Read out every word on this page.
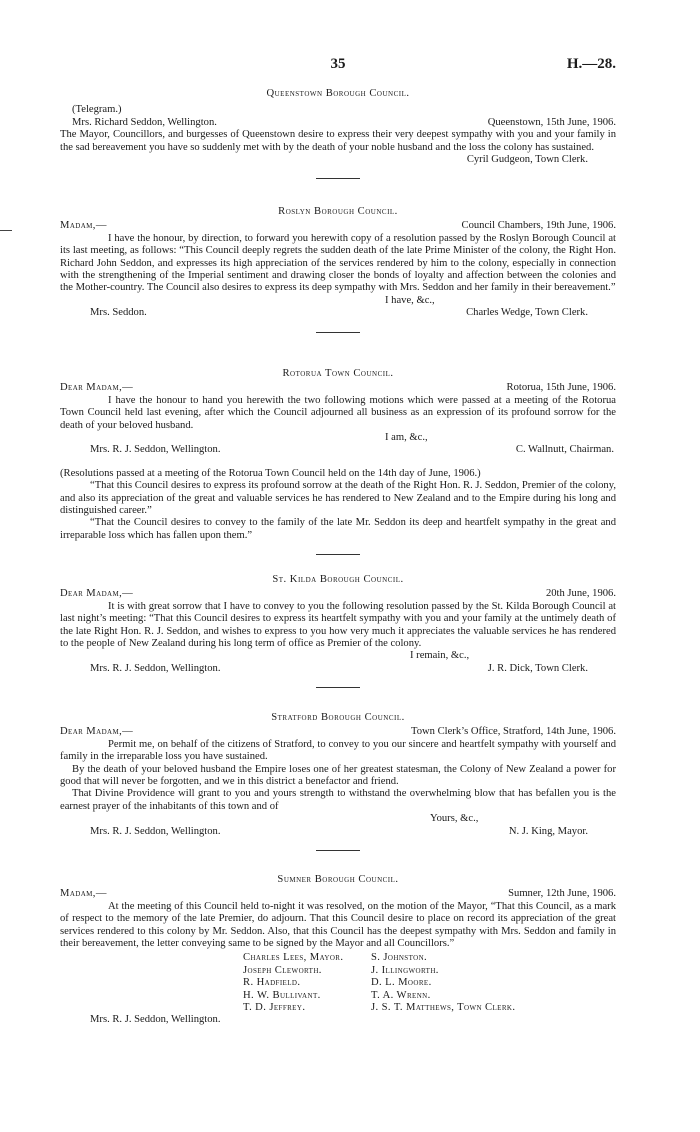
35	H.—28.
Queenstown Borough Council.
(Telegram.)
Mrs. Richard Seddon, Wellington.	Queenstown, 15th June, 1906.

The Mayor, Councillors, and burgesses of Queenstown desire to express their very deepest sympathy with you and your family in the sad bereavement you have so suddenly met with by the death of your noble husband and the loss the colony has sustained.

Cyril Gudgeon, Town Clerk.
Roslyn Borough Council.
Madam,—	Council Chambers, 19th June, 1906.

I have the honour, by direction, to forward you herewith copy of a resolution passed by the Roslyn Borough Council at its last meeting, as follows: “This Council deeply regrets the sudden death of the late Prime Minister of the colony, the Right Hon. Richard John Seddon, and expresses its high appreciation of the services rendered by him to the colony, especially in connection with the strengthening of the Imperial sentiment and drawing closer the bonds of loyalty and affection between the colonies and the Mother-country. The Council also desires to express its deep sympathy with Mrs. Seddon and her family in their bereavement.”

I have, &c.,
Mrs. Seddon.	Charles Wedge, Town Clerk.
Rotorua Town Council.
Dear Madam,—	Rotorua, 15th June, 1906.

I have the honour to hand you herewith the two following motions which were passed at a meeting of the Rotorua Town Council held last evening, after which the Council adjourned all business as an expression of its profound sorrow for the death of your beloved husband.

I am, &c.,
Mrs. R. J. Seddon, Wellington.	C. Wallnutt, Chairman.

(Resolutions passed at a meeting of the Rotorua Town Council held on the 14th day of June, 1906.)

“That this Council desires to express its profound sorrow at the death of the Right Hon. R. J. Seddon, Premier of the colony, and also its appreciation of the great and valuable services he has rendered to New Zealand and to the Empire during his long and distinguished career.”

“That the Council desires to convey to the family of the late Mr. Seddon its deep and heartfelt sympathy in the great and irreparable loss which has fallen upon them.”

St. Kilda Borough Council.
Dear Madam,—	20th June, 1906.

It is with great sorrow that I have to convey to you the following resolution passed by the St. Kilda Borough Council at last night’s meeting: “That this Council desires to express its heartfelt sympathy with you and your family at the untimely death of the late Right Hon. R. J. Seddon, and wishes to express to you how very much it appreciates the valuable services he has rendered to the people of New Zealand during his long term of office as Premier of the colony.

I remain, &c.,
Mrs. R. J. Seddon, Wellington.	J. R. Dick, Town Clerk.
Stratford Borough Council.
Dear Madam,—	Town Clerk’s Office, Stratford, 14th June, 1906.

Permit me, on behalf of the citizens of Stratford, to convey to you our sincere and heartfelt sympathy with yourself and family in the irreparable loss you have sustained.

By the death of your beloved husband the Empire loses one of her greatest statesman, the Colony of New Zealand a power for good that will never be forgotten, and we in this district a benefactor and friend.

That Divine Providence will grant to you and yours strength to withstand the overwhelming blow that has befallen you is the earnest prayer of the inhabitants of this town and of

Yours, &c.,
Mrs. R. J. Seddon, Wellington.	N. J. King, Mayor.
Sumner Borough Council.
Madam,—	Sumner, 12th June, 1906.

At the meeting of this Council held to-night it was resolved, on the motion of the Mayor, “That this Council, as a mark of respect to the memory of the late Premier, do adjourn. That this Council desire to place on record its appreciation of the great services rendered to this colony by Mr. Seddon. Also, that this Council has the deepest sympathy with Mrs. Seddon and family in their bereavement, the letter conveying same to be signed by the Mayor and all Councillors.”

Charles Lees, Mayor.	S. Johnston.
Joseph Cleworth.	J. Illingworth.
R. Hadfield.	D. L. Moore.
H. W. Bullivant.	T. A. Wrenn.
T. D. Jeffrey.	J. S. T. Matthews, Town Clerk.
Mrs. R. J. Seddon, Wellington.
